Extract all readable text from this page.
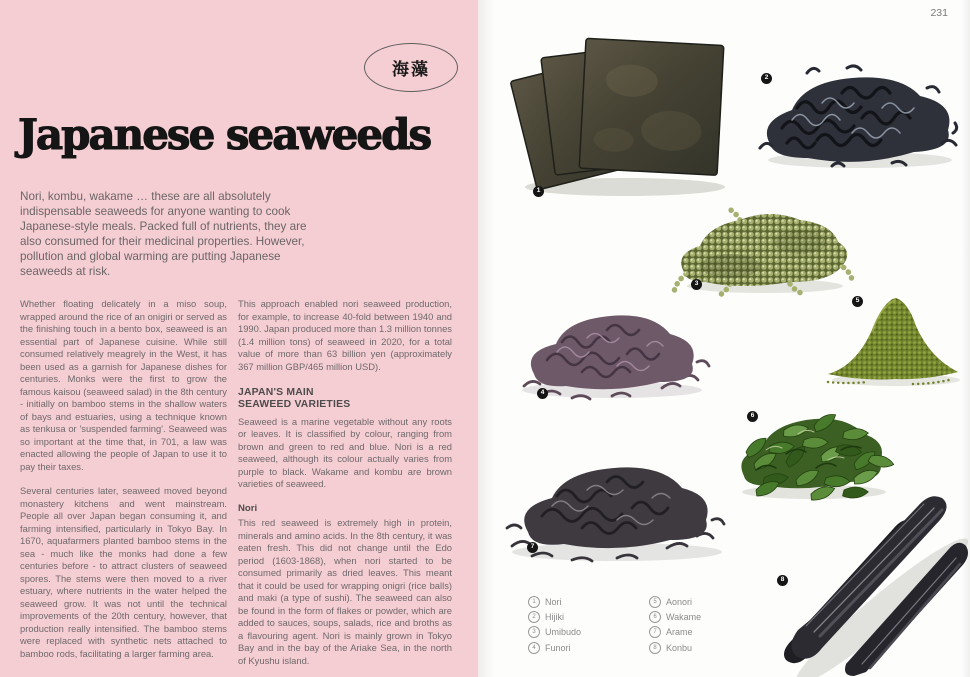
海藻
Japanese seaweeds
Nori, kombu, wakame … these are all absolutely indispensable seaweeds for anyone wanting to cook Japanese-style meals. Packed full of nutrients, they are also consumed for their medicinal properties. However, pollution and global warming are putting Japanese seaweeds at risk.

Whether floating delicately in a miso soup, wrapped around the rice of an onigiri or served as the finishing touch in a bento box, seaweed is an essential part of Japanese cuisine. While still consumed relatively meagrely in the West, it has been used as a garnish for Japanese dishes for centuries. Monks were the first to grow the famous kaisou (seaweed salad) in the 8th century - initially on bamboo stems in the shallow waters of bays and estuaries, using a technique known as tenkusa or 'suspended farming'. Seaweed was so important at the time that, in 701, a law was enacted allowing the people of Japan to use it to pay their taxes.

Several centuries later, seaweed moved beyond monastery kitchens and went mainstream. People all over Japan began consuming it, and farming intensified, particularly in Tokyo Bay. In 1670, aquafarmers planted bamboo stems in the sea - much like the monks had done a few centuries before - to attract clusters of seaweed spores. The stems were then moved to a river estuary, where nutrients in the water helped the seaweed grow. It was not until the technical improvements of the 20th century, however, that production really intensified. The bamboo stems were replaced with synthetic nets attached to bamboo rods, facilitating a larger farming area.

This approach enabled nori seaweed production, for example, to increase 40-fold between 1940 and 1990. Japan produced more than 1.3 million tonnes (1.4 million tons) of seaweed in 2020, for a total value of more than 63 billion yen (approximately 367 million GBP/465 million USD).

JAPAN'S MAIN
SEAWEED VARIETIES

Seaweed is a marine vegetable without any roots or leaves. It is classified by colour, ranging from brown and green to red and blue. Nori is a red seaweed, although its colour actually varies from purple to black. Wakame and kombu are brown varieties of seaweed.

Nori

This red seaweed is extremely high in protein, minerals and amino acids. In the 8th century, it was eaten fresh. This did not change until the Edo period (1603-1868), when nori started to be consumed primarily as dried leaves. This meant that it could be used for wrapping onigri (rice balls) and maki (a type of sushi). The seaweed can also be found in the form of flakes or powder, which are added to sauces, soups, salads, rice and broths as a flavouring agent. Nori is mainly grown in Tokyo Bay and in the bay of the Ariake Sea, in the north of Kyushu island.

231
1
2
3
4
5
6
7
8
1	Nori
2	Hijiki
3	Umibudo
4	Funori
5	Aonori
6	Wakame
7	Arame
8	Konbu
